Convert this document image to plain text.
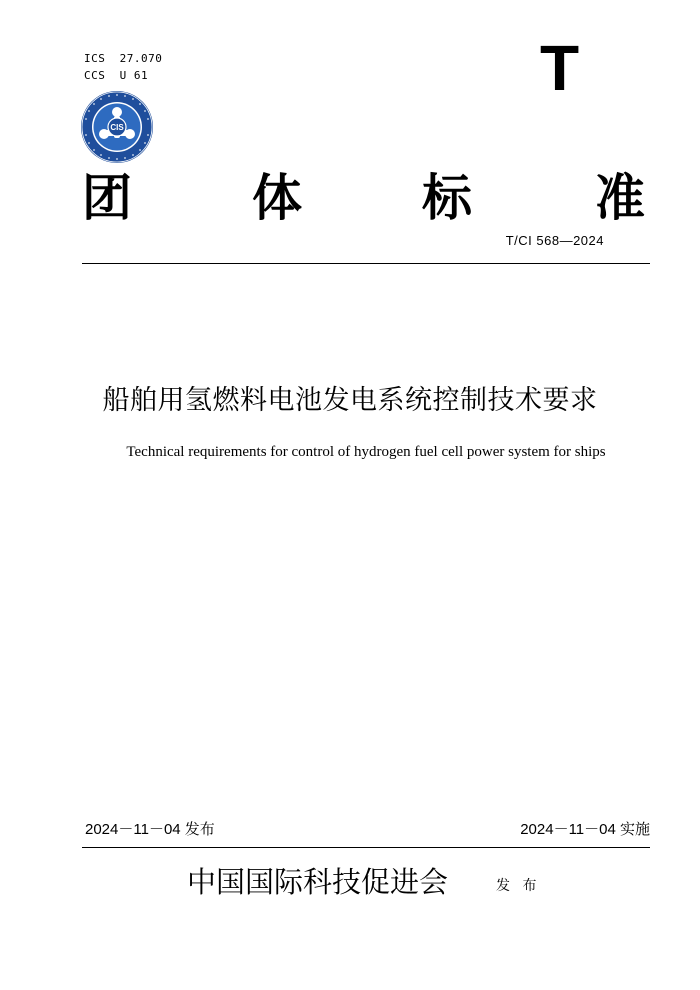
ICS  27.070
CCS  U 61	T
CIS
团 体 标 准
T/CI 568—2024
船舶用氢燃料电池发电系统控制技术要求
Technical requirements for control of hydrogen fuel cell power system for ships
2024－11－04 发布	2024－11－04 实施
中国国际科技促进会	发 布
